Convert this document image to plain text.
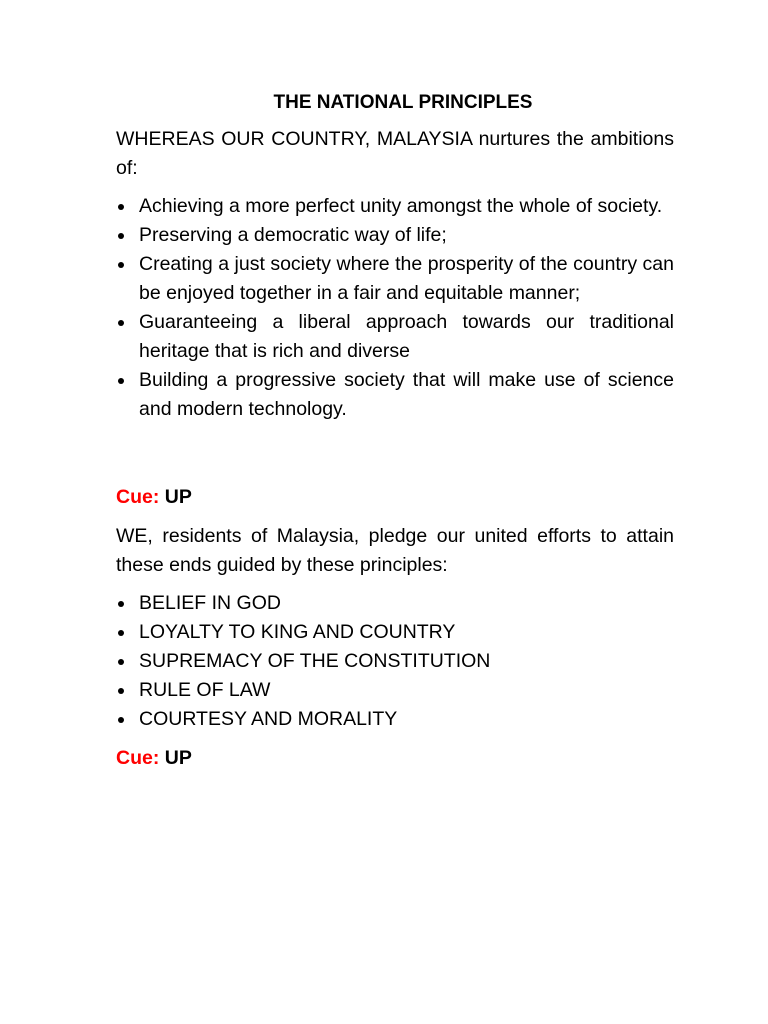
THE NATIONAL PRINCIPLES

WHEREAS OUR COUNTRY, MALAYSIA nurtures the ambitions of:

Achieving a more perfect unity amongst the whole of society.
Preserving a democratic way of life;
Creating a just society where the prosperity of the country can be enjoyed together in a fair and equitable manner;
Guaranteeing a liberal approach towards our traditional heritage that is rich and diverse
Building a progressive society that will make use of science and modern technology.

Cue: UP

WE, residents of Malaysia, pledge our united efforts to attain these ends guided by these principles:

BELIEF IN GOD
LOYALTY TO KING AND COUNTRY
SUPREMACY OF THE CONSTITUTION
RULE OF LAW
COURTESY AND MORALITY

Cue: UP
